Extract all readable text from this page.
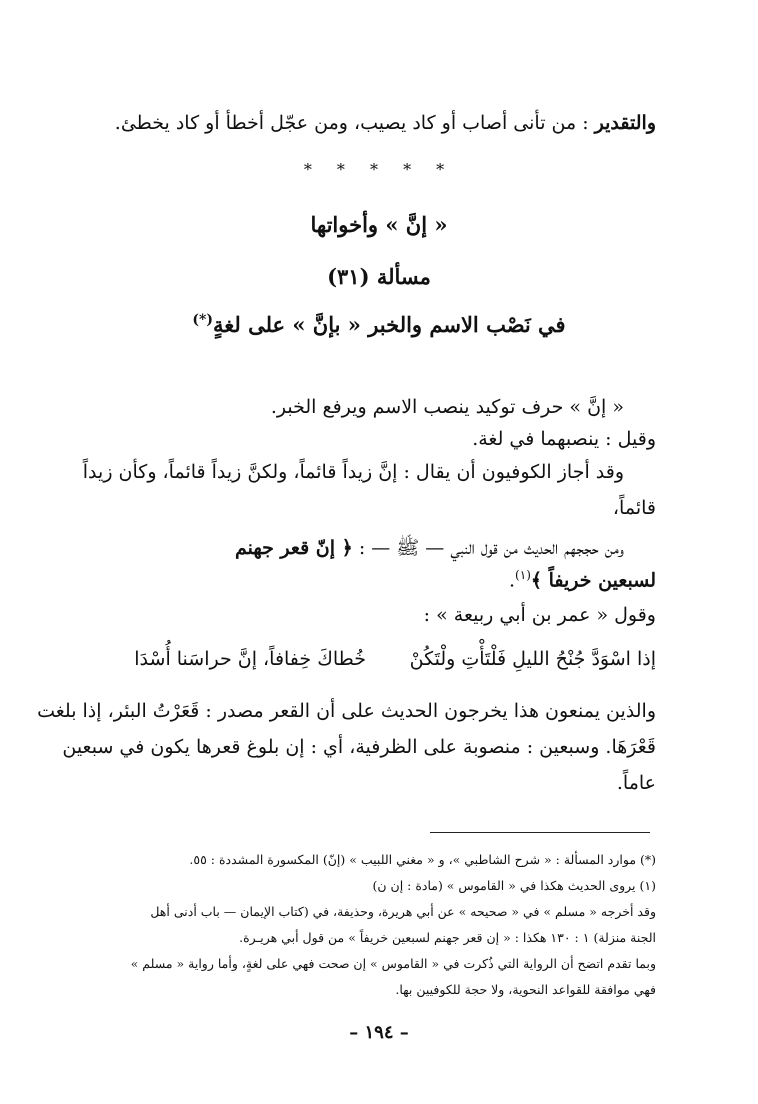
والتقدير : من تأنى أصاب أو كاد يصيب، ومن عجّل أخطأ أو كاد يخطئ.
* * * * *
« إنَّ » وأخواتها
مسألة (٣١)
في نَصْب الاسم والخبر « بإنَّ » على لغةٍ(*)
« إنَّ » حرف توكيد ينصب الاسم ويرفع الخبر.
وقيل : ينصبهما في لغة.
وقد أجاز الكوفيون أن يقال : إنَّ زيداً قائماً، ولكنَّ زيداً قائماً، وكأن زيداً
قائماً،
ومن حججهم الحديث من قول النبي — ﷺ — : ﴿ إنّ قعر جهنم
لسبعين خريفاً ﴾$^{(١)}$.
وقول « عمر بن أبي ربيعة » :
إذا اسْوَدَّ جُنْحُ الليلِ فَلْتَأْتِ ولْتَكُنْ
خُطاكَ خِفافاً، إنَّ حراسَنا أُسْدَا
والذين يمنعون هذا يخرجون الحديث على أن القعر مصدر : قَعَرْتُ البئر، إذا بلغت
قَعْرَهَا. وسبعين : منصوبة على الظرفية، أي : إن بلوغ قعرها يكون في سبعين
عاماً.
(*) موارد المسألة : « شرح الشاطبي »، و « مغني اللبيب » (إنّ) المكسورة المشددة : ٥٥.
(١) يروى الحديث هكذا في « القاموس » (مادة : إن ن)
وقد أخرجه « مسلم » في « صحيحه » عن أبي هريرة، وحذيفة، في (كتاب الإيمان — باب أدنى أهل
الجنة منزلة) ١ : ١٣٠ هكذا : « إن قعر جهنم لسبعين خريفاً » من قول أبي هريـرة.
وبما تقدم اتضح أن الرواية التي ذُكرت في « القاموس » إن صحت فهي على لغةٍ، وأما رواية « مسلم »
فهي موافقة للقواعد النحوية، ولا حجة للكوفيين بها.
– ١٩٤ –
